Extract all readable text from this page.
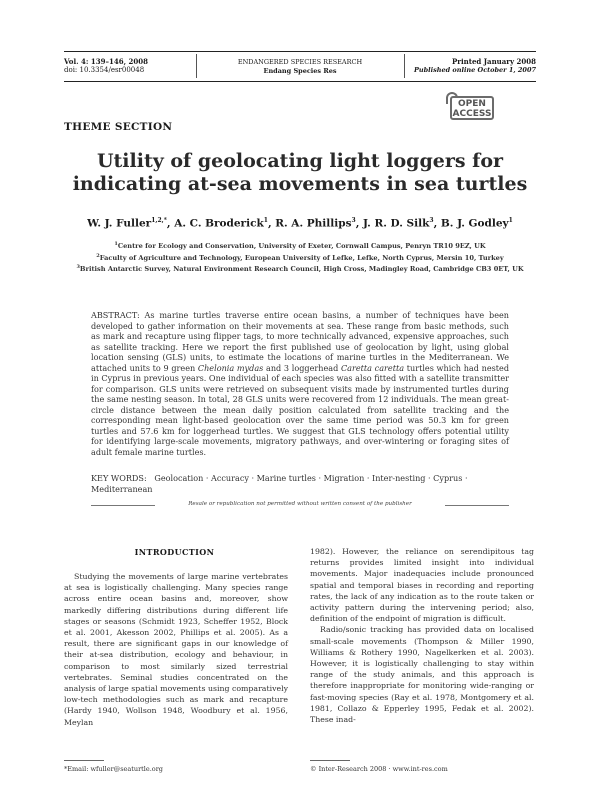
Vol. 4: 139–146, 2008
doi: 10.3354/esr00048
ENDANGERED SPECIES RESEARCH
Endang Species Res
Printed January 2008
Published online October 1, 2007
OPEN
ACCESS
THEME SECTION
Utility of geolocating light loggers for indicating at-sea movements in sea turtles
W. J. Fuller$^{1,2,*}$, A. C. Broderick$^1$, R. A. Phillips$^3$, J. R. D. Silk$^3$, B. J. Godley$^1$
$^1$Centre for Ecology and Conservation, University of Exeter, Cornwall Campus, Penryn TR10 9EZ, UK
$^2$Faculty of Agriculture and Technology, European University of Lefke, Lefke, North Cyprus, Mersin 10, Turkey
$^3$British Antarctic Survey, Natural Environment Research Council, High Cross, Madingley Road, Cambridge CB3 0ET, UK
ABSTRACT: As marine turtles traverse entire ocean basins, a number of techniques have been developed to gather information on their movements at sea. These range from basic methods, such as mark and recapture using flipper tags, to more technically advanced, expensive approaches, such as satellite tracking. Here we report the first published use of geolocation by light, using global location sensing (GLS) units, to estimate the locations of marine turtles in the Mediterranean. We attached units to 9 green Chelonia mydas and 3 loggerhead Caretta caretta turtles which had nested in Cyprus in previous years. One individual of each species was also fitted with a satellite transmitter for comparison. GLS units were retrieved on subsequent visits made by instrumented turtles during the same nesting season. In total, 28 GLS units were recovered from 12 individuals. The mean great-circle distance between the mean daily position calculated from satellite tracking and the corresponding mean light-based geolocation over the same time period was 50.3 km for green turtles and 57.6 km for loggerhead turtles. We suggest that GLS technology offers potential utility for identifying large-scale movements, migratory pathways, and over-wintering or foraging sites of adult female marine turtles.
KEY WORDS: Geolocation · Accuracy · Marine turtles · Migration · Inter-nesting · Cyprus · Mediterranean
Resale or republication not permitted without written consent of the publisher
INTRODUCTION

Studying the movements of large marine vertebrates at sea is logistically challenging. Many species range across entire ocean basins and, moreover, show markedly differing distributions during different life stages or seasons (Schmidt 1923, Scheffer 1952, Block et al. 2001, Akesson 2002, Phillips et al. 2005). As a result, there are significant gaps in our knowledge of their at-sea distribution, ecology and behaviour, in comparison to most similarly sized terrestrial vertebrates. Seminal studies concentrated on the analysis of large spatial movements using comparatively low-tech methodologies such as mark and recapture (Hardy 1940, Wollson 1948, Woodbury et al. 1956, Meylan

1982). However, the reliance on serendipitous tag returns provides limited insight into individual movements. Major inadequacies include pronounced spatial and temporal biases in recording and reporting rates, the lack of any indication as to the route taken or activity pattern during the intervening period; also, definition of the endpoint of migration is difficult.

Radio/sonic tracking has provided data on localised small-scale movements (Thompson & Miller 1990, Williams & Rothery 1990, Nagelkerken et al. 2003). However, it is logistically challenging to stay within range of the study animals, and this approach is therefore inappropriate for monitoring wide-ranging or fast-moving species (Ray et al. 1978, Montgomery et al. 1981, Collazo & Epperley 1995, Fedak et al. 2002). These inad-

*Email: wfuller@seaturtle.org	© Inter-Research 2008 · www.int-res.com
